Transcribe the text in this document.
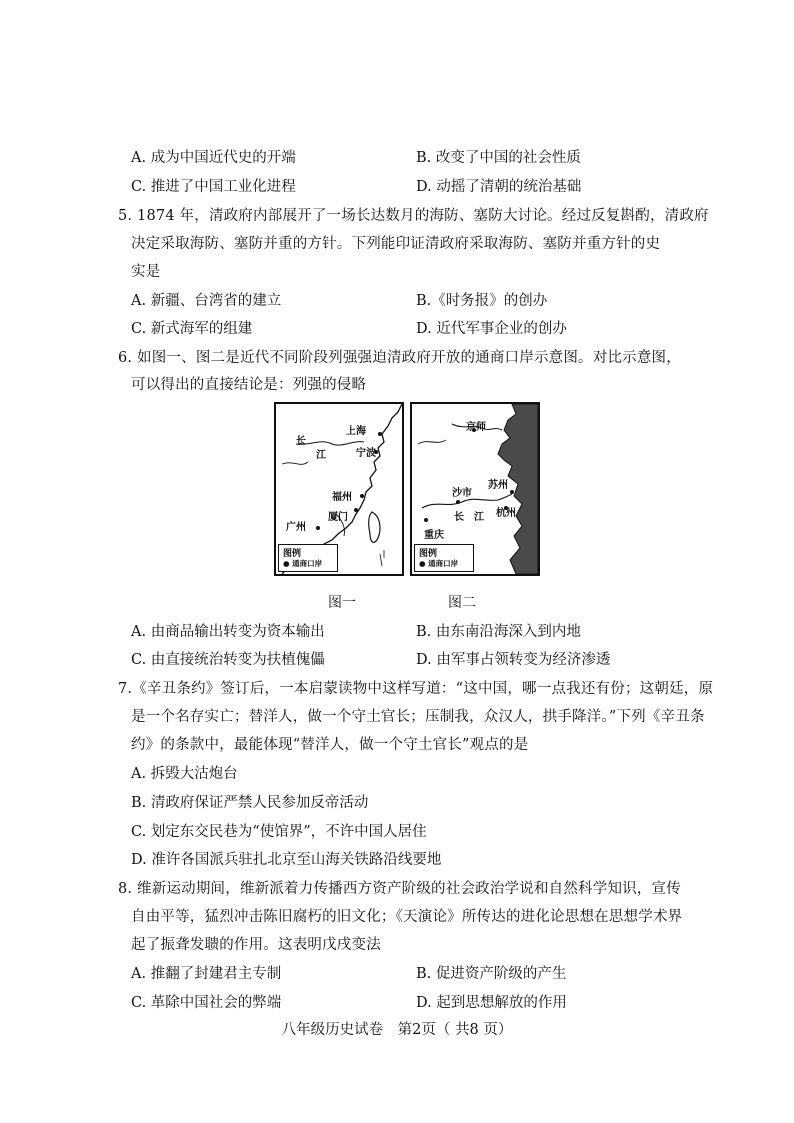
A. 成为中国近代史的开端	B. 改变了中国的社会性质
C. 推进了中国工业化进程	D. 动摇了清朝的统治基础
5. 1874 年，清政府内部展开了一场长达数月的海防、塞防大讨论。经过反复斟酌，清政府
决定采取海防、塞防并重的方针。下列能印证清政府采取海防、塞防并重方针的史
实是
A. 新疆、台湾省的建立	B.《时务报》的创办
C. 新式海军的组建	D. 近代军事企业的创办
6. 如图一、图二是近代不同阶段列强强迫清政府开放的通商口岸示意图。对比示意图，
可以得出的直接结论是：列强的侵略
上海
宁波
长
江
福州
厦门
广州
图例
● 通商口岸
京师
苏州
沙市
长 江
重庆
杭州
图例
● 通商口岸
图一	图二
A. 由商品输出转变为资本输出	B. 由东南沿海深入到内地
C. 由直接统治转变为扶植傀儡	D. 由军事占领转变为经济渗透
7.《辛丑条约》签订后，一本启蒙读物中这样写道：“这中国，哪一点我还有份；这朝廷，原
是一个名存实亡；替洋人，做一个守土官长；压制我，众汉人，拱手降洋。”下列《辛丑条
约》的条款中，最能体现“替洋人，做一个守土官长”观点的是
A. 拆毁大沽炮台
B. 清政府保证严禁人民参加反帝活动
C. 划定东交民巷为“使馆界”，不许中国人居住
D. 准许各国派兵驻扎北京至山海关铁路沿线要地
8. 维新运动期间，维新派着力传播西方资产阶级的社会政治学说和自然科学知识，宣传
自由平等，猛烈冲击陈旧腐朽的旧文化；《天演论》所传达的进化论思想在思想学术界
起了振聋发聩的作用。这表明戊戌变法
A. 推翻了封建君主专制	B. 促进资产阶级的产生
C. 革除中国社会的弊端	D. 起到思想解放的作用
八年级历史试卷　第2页（ 共8 页）
